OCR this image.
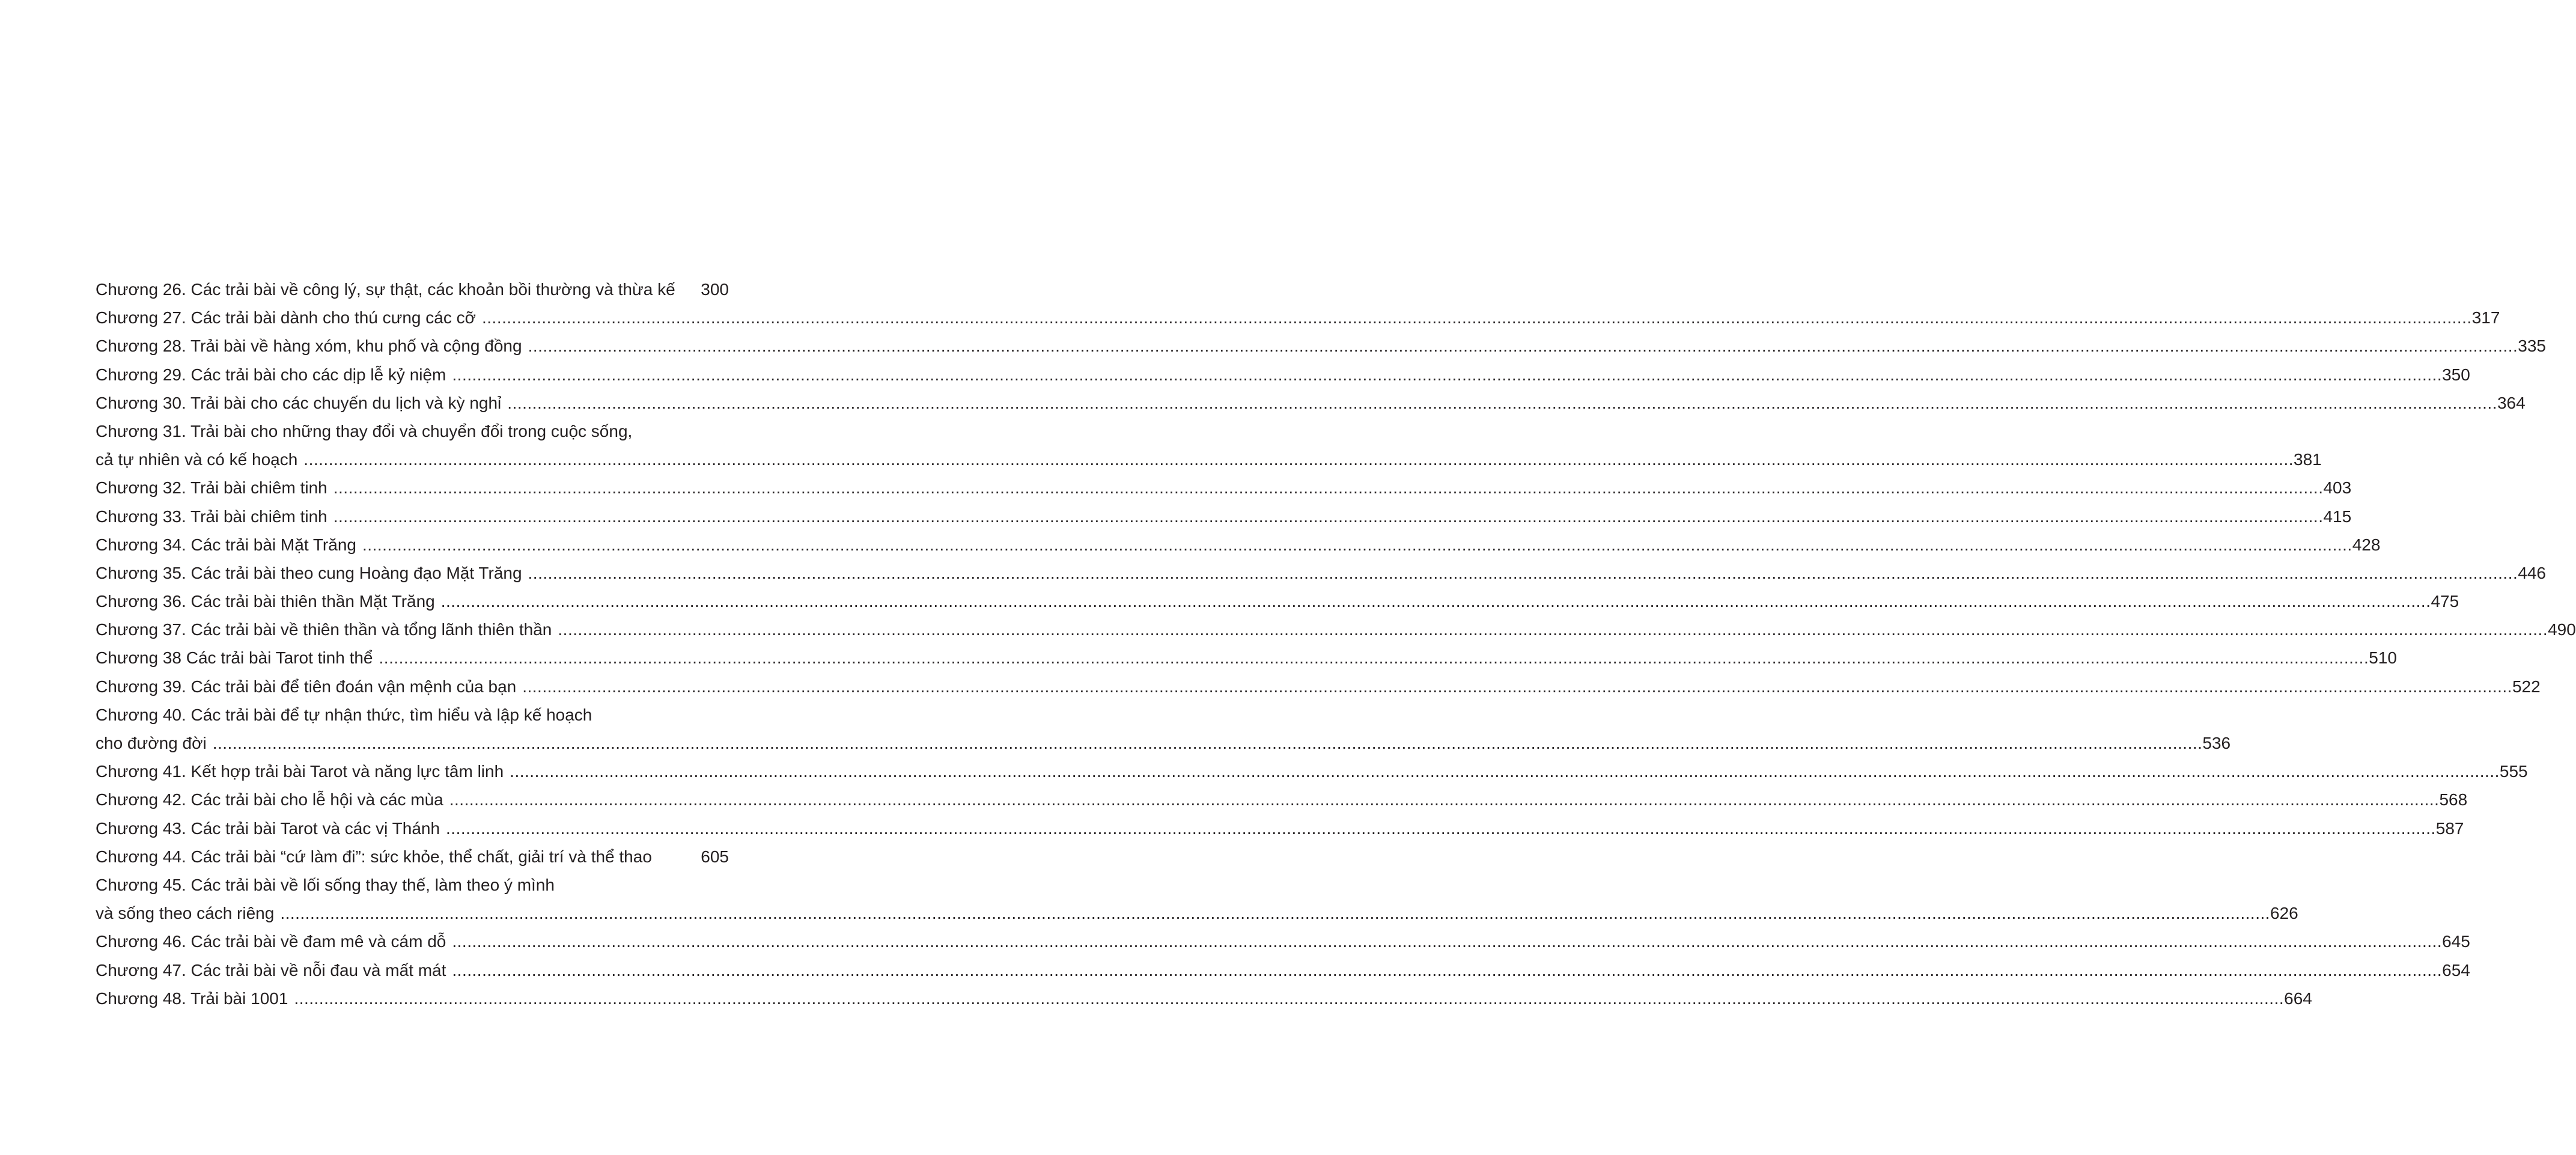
Chương 26. Các trải bài về công lý, sự thật, các khoản bồi thường và thừa kế 300
Chương 27. Các trải bài dành cho thú cưng các cỡ ................................................................................................................................................................................................................................................................................................................................................................................................................ 317
Chương 28. Trải bài về hàng xóm, khu phố và cộng đồng ................................................................................................................................................................................................................................................................................................................................................................................................................ 335
Chương 29. Các trải bài cho các dịp lễ kỷ niệm ................................................................................................................................................................................................................................................................................................................................................................................................................ 350
Chương 30. Trải bài cho các chuyến du lịch và kỳ nghỉ ................................................................................................................................................................................................................................................................................................................................................................................................................ 364
Chương 31. Trải bài cho những thay đổi và chuyển đổi trong cuộc sống,
cả tự nhiên và có kế hoạch ................................................................................................................................................................................................................................................................................................................................................................................................................ 381
Chương 32. Trải bài chiêm tinh ................................................................................................................................................................................................................................................................................................................................................................................................................ 403
Chương 33. Trải bài chiêm tinh ................................................................................................................................................................................................................................................................................................................................................................................................................ 415
Chương 34. Các trải bài Mặt Trăng ................................................................................................................................................................................................................................................................................................................................................................................................................ 428
Chương 35. Các trải bài theo cung Hoàng đạo Mặt Trăng ................................................................................................................................................................................................................................................................................................................................................................................................................ 446
Chương 36. Các trải bài thiên thần Mặt Trăng ................................................................................................................................................................................................................................................................................................................................................................................................................ 475
Chương 37. Các trải bài về thiên thần và tổng lãnh thiên thần ................................................................................................................................................................................................................................................................................................................................................................................................................ 490
Chương 38 Các trải bài Tarot tinh thể ................................................................................................................................................................................................................................................................................................................................................................................................................ 510
Chương 39. Các trải bài để tiên đoán vận mệnh của bạn ................................................................................................................................................................................................................................................................................................................................................................................................................ 522
Chương 40. Các trải bài để tự nhận thức, tìm hiểu và lập kế hoạch
cho đường đời ................................................................................................................................................................................................................................................................................................................................................................................................................ 536
Chương 41. Kết hợp trải bài Tarot và năng lực tâm linh ................................................................................................................................................................................................................................................................................................................................................................................................................ 555
Chương 42. Các trải bài cho lễ hội và các mùa ................................................................................................................................................................................................................................................................................................................................................................................................................ 568
Chương 43. Các trải bài Tarot và các vị Thánh ................................................................................................................................................................................................................................................................................................................................................................................................................ 587
Chương 44. Các trải bài “cứ làm đi”: sức khỏe, thể chất, giải trí và thể thao	605
Chương 45. Các trải bài về lối sống thay thế, làm theo ý mình
và sống theo cách riêng ................................................................................................................................................................................................................................................................................................................................................................................................................ 626
Chương 46. Các trải bài về đam mê và cám dỗ ................................................................................................................................................................................................................................................................................................................................................................................................................ 645
Chương 47. Các trải bài về nỗi đau và mất mát ................................................................................................................................................................................................................................................................................................................................................................................................................ 654
Chương 48. Trải bài 1001 ................................................................................................................................................................................................................................................................................................................................................................................................................ 664
